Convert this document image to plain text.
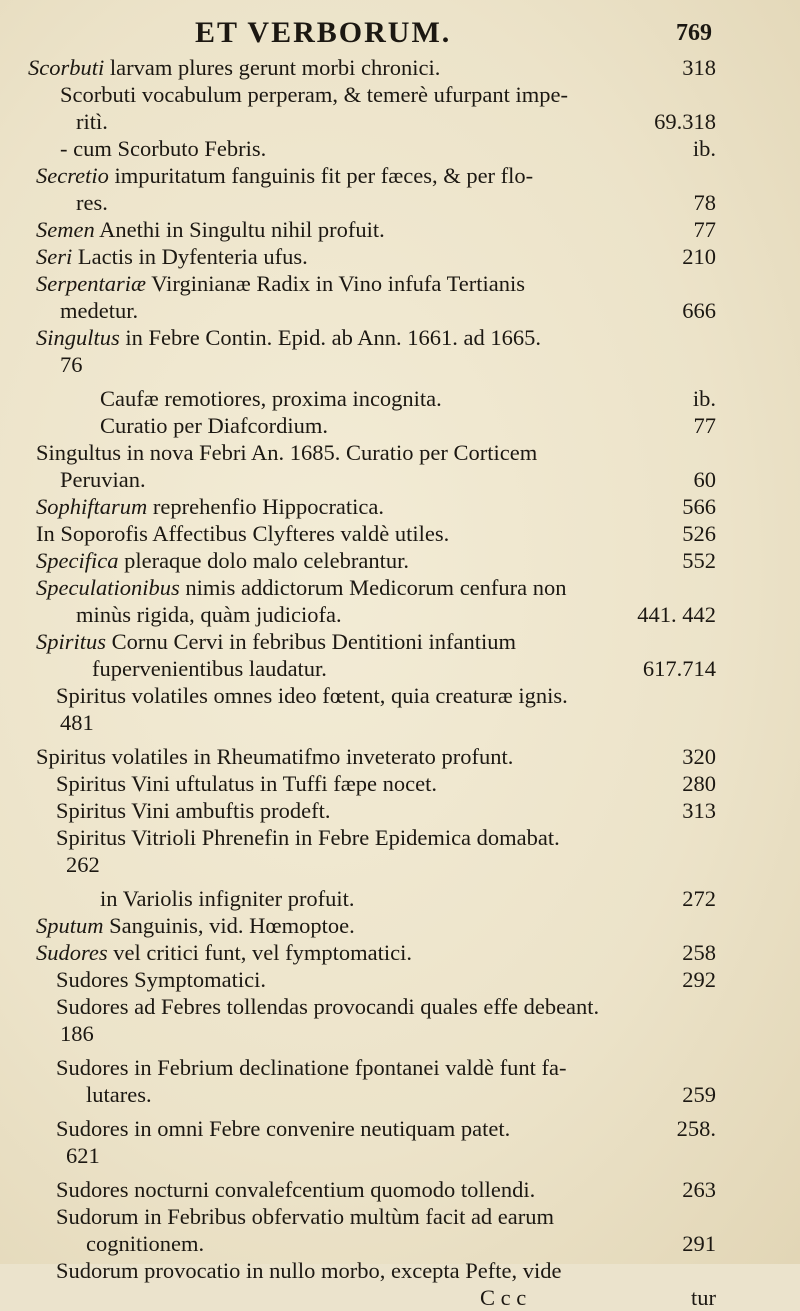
ET VERBORUM.	769
Scorbuti larvam plures gerunt morbi chronici.	318
Scorbuti vocabulum perperam, & temerè ufurpant impe-
ritì.	69.318
- cum Scorbuto Febris.	ib.
Secretio impuritatum fanguinis fit per fæces, & per flo-
res.	78
Semen Anethi in Singultu nihil profuit.	77
Seri Lactis in Dyfenteria ufus.	210
Serpentariæ Virginianæ Radix in Vino infufa Tertianis
medetur.	666
Singultus in Febre Contin. Epid. ab Ann. 1661. ad 1665.
76
Caufæ remotiores, proxima incognita.	ib.
Curatio per Diafcordium.	77
Singultus in nova Febri An. 1685. Curatio per Corticem
Peruvian.	60
Sophiftarum reprehenfio Hippocratica.	566
In Soporofis Affectibus Clyfteres valdè utiles.	526
Specifica pleraque dolo malo celebrantur.	552
Speculationibus nimis addictorum Medicorum cenfura non
minùs rigida, quàm judiciofa.	441. 442
Spiritus Cornu Cervi in febribus Dentitioni infantium
fupervenientibus laudatur.	617.714
Spiritus volatiles omnes ideo fœtent, quia creaturæ ignis.
481
Spiritus volatiles in Rheumatifmo inveterato profunt.	320
Spiritus Vini uftulatus in Tuffi fæpe nocet.	280
Spiritus Vini ambuftis prodeft.	313
Spiritus Vitrioli Phrenefin in Febre Epidemica domabat.
262
in Variolis infigniter profuit.	272
Sputum Sanguinis, vid. Hœmoptoe.
Sudores vel critici funt, vel fymptomatici.	258
Sudores Symptomatici.	292
Sudores ad Febres tollendas provocandi quales effe debeant.
186
Sudores in Febrium declinatione fpontanei valdè funt fa-
lutares.	259
Sudores in omni Febre convenire neutiquam patet.	258.
621
Sudores nocturni convalefcentium quomodo tollendi.	263
Sudorum in Febribus obfervatio multùm facit ad earum
cognitionem.	291
Sudorum provocatio in nullo morbo, excepta Pefte, vide
C c c	tur
